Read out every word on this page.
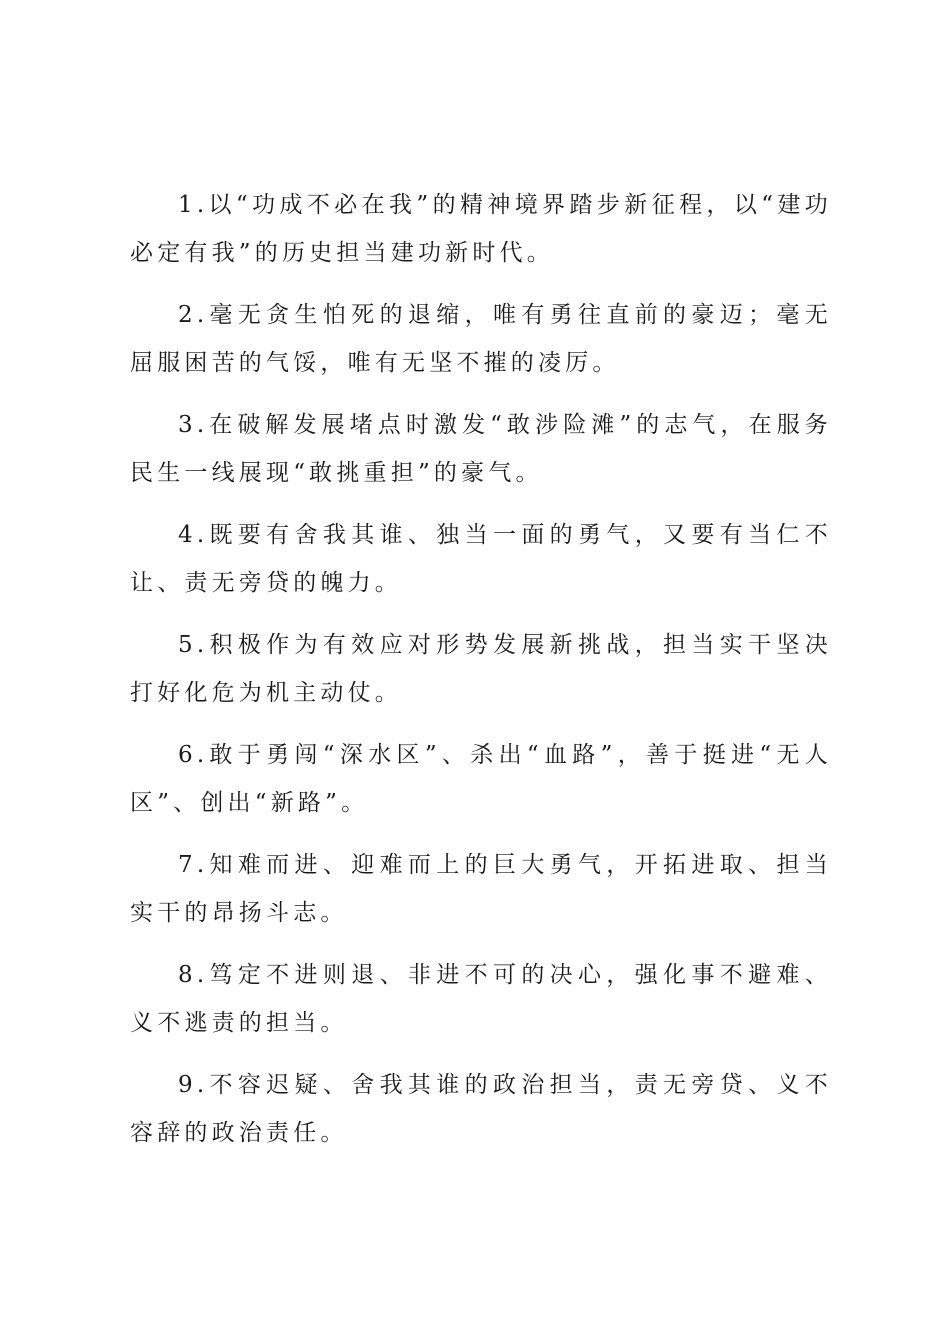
1.以“功成不必在我”的精神境界踏步新征程，以“建功必定有我”的历史担当建功新时代。

2.毫无贪生怕死的退缩，唯有勇往直前的豪迈；毫无屈服困苦的气馁，唯有无坚不摧的凌厉。

3.在破解发展堵点时激发“敢涉险滩”的志气，在服务民生一线展现“敢挑重担”的豪气。

4.既要有舍我其谁、独当一面的勇气，又要有当仁不让、责无旁贷的魄力。

5.积极作为有效应对形势发展新挑战，担当实干坚决打好化危为机主动仗。

6.敢于勇闯“深水区”、杀出“血路”，善于挺进“无人区”、创出“新路”。

7.知难而进、迎难而上的巨大勇气，开拓进取、担当实干的昂扬斗志。

8.笃定不进则退、非进不可的决心，强化事不避难、义不逃责的担当。

9.不容迟疑、舍我其谁的政治担当，责无旁贷、义不容辞的政治责任。
